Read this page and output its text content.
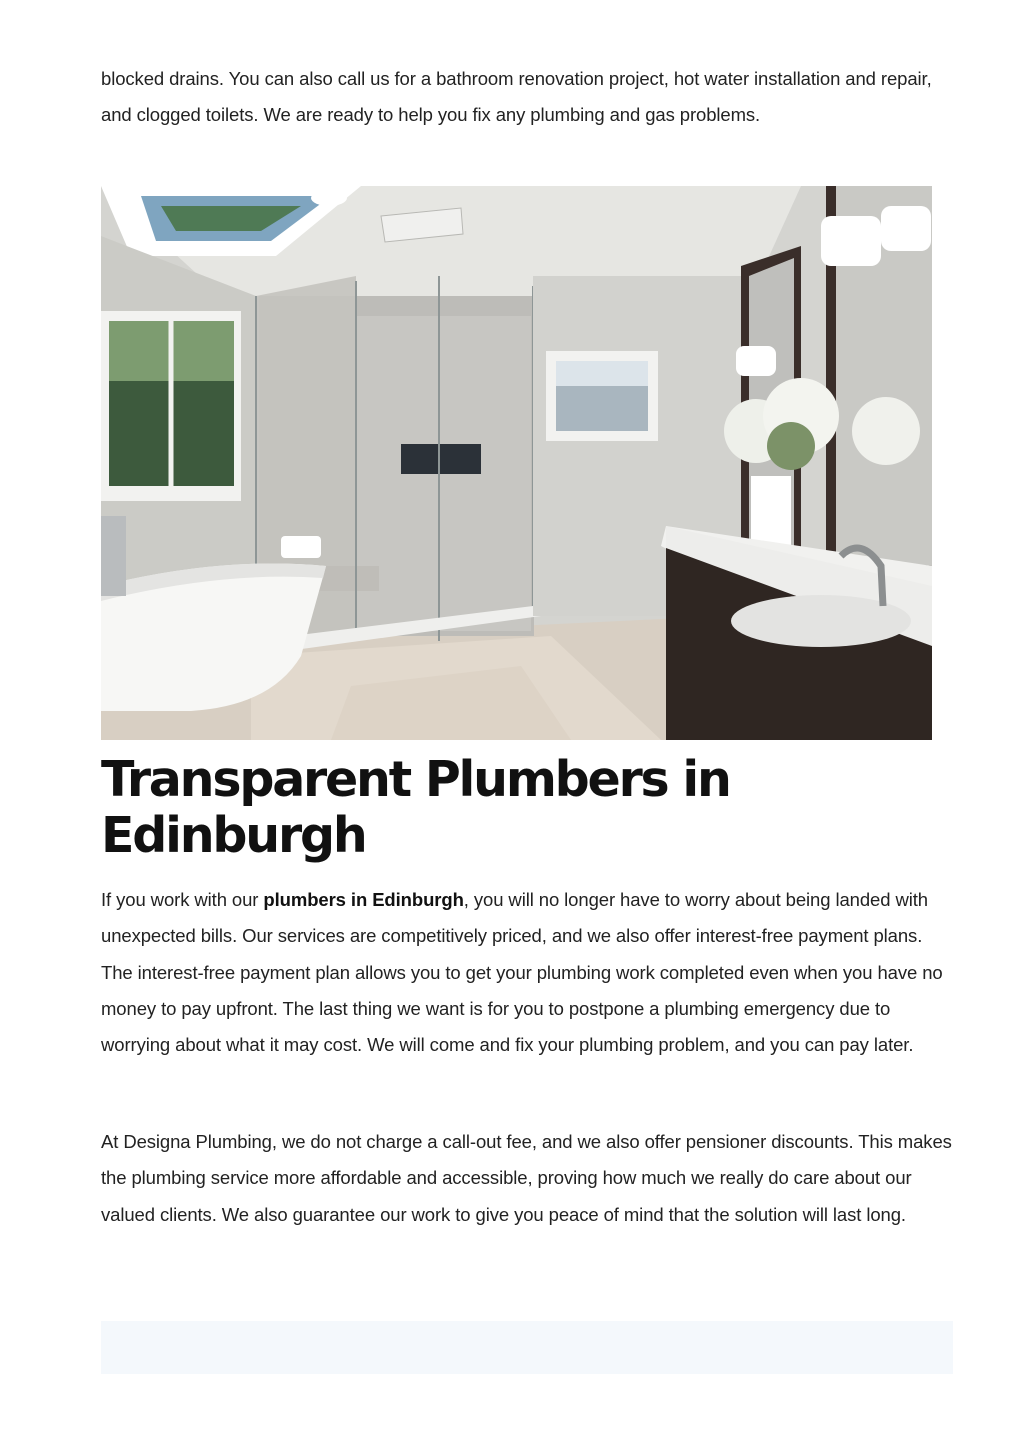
blocked drains. You can also call us for a bathroom renovation project, hot water installation and repair, and clogged toilets. We are ready to help you fix any plumbing and gas problems.

Transparent Plumbers in Edinburgh

If you work with our plumbers in Edinburgh, you will no longer have to worry about being landed with unexpected bills. Our services are competitively priced, and we also offer interest-free payment plans. The interest-free payment plan allows you to get your plumbing work completed even when you have no money to pay upfront. The last thing we want is for you to postpone a plumbing emergency due to worrying about what it may cost. We will come and fix your plumbing problem, and you can pay later.

At Designa Plumbing, we do not charge a call-out fee, and we also offer pensioner discounts. This makes the plumbing service more affordable and accessible, proving how much we really do care about our valued clients. We also guarantee our work to give you peace of mind that the solution will last long.
